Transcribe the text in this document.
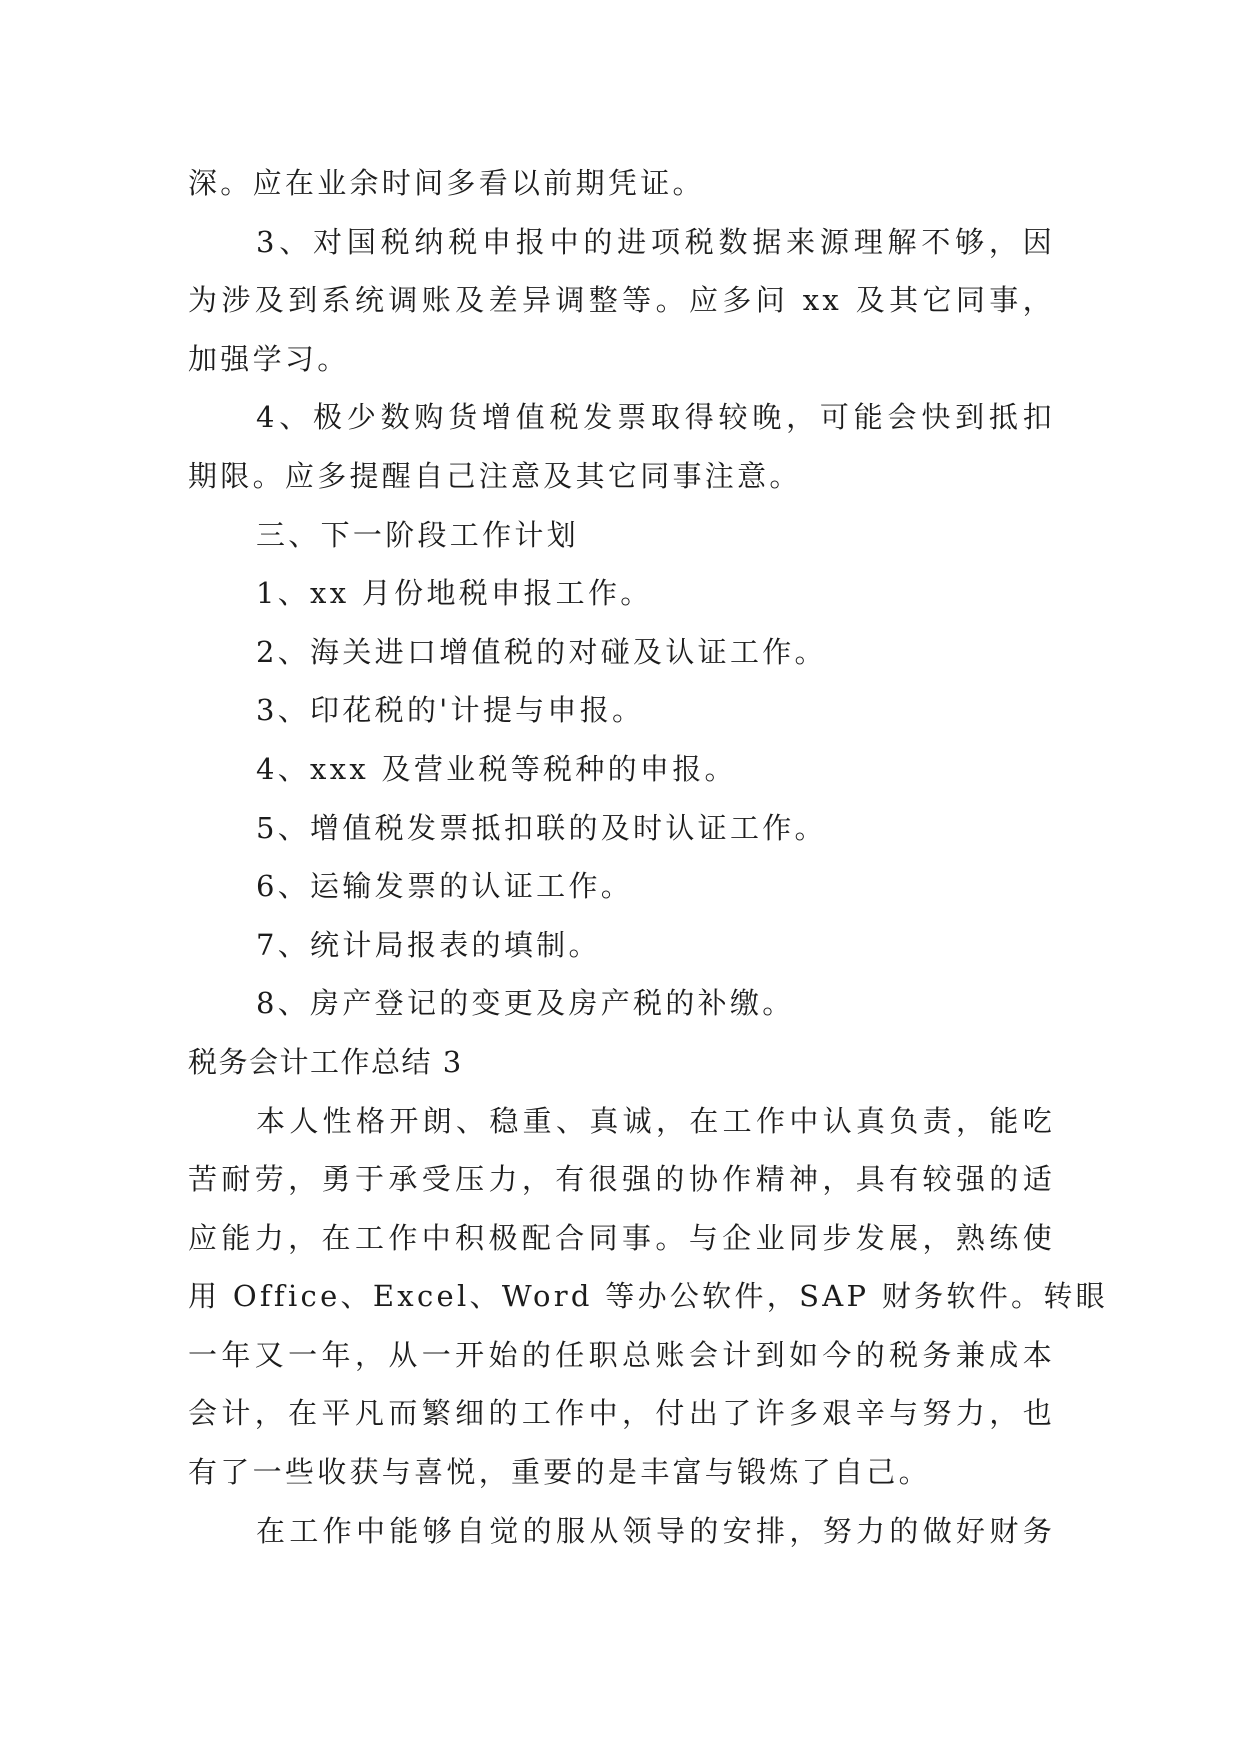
深。应在业余时间多看以前期凭证。
3、对国税纳税申报中的进项税数据来源理解不够，因
为涉及到系统调账及差异调整等。应多问 xx 及其它同事，
加强学习。
4、极少数购货增值税发票取得较晚，可能会快到抵扣
期限。应多提醒自己注意及其它同事注意。
三、下一阶段工作计划
1、xx 月份地税申报工作。
2、海关进口增值税的对碰及认证工作。
3、印花税的'计提与申报。
4、xxx 及营业税等税种的申报。
5、增值税发票抵扣联的及时认证工作。
6、运输发票的认证工作。
7、统计局报表的填制。
8、房产登记的变更及房产税的补缴。
税务会计工作总结 3
本人性格开朗、稳重、真诚，在工作中认真负责，能吃
苦耐劳，勇于承受压力，有很强的协作精神，具有较强的适
应能力，在工作中积极配合同事。与企业同步发展，熟练使
用 Office、Excel、Word 等办公软件，SAP 财务软件。转眼
一年又一年，从一开始的任职总账会计到如今的税务兼成本
会计，在平凡而繁细的工作中，付出了许多艰辛与努力，也
有了一些收获与喜悦，重要的是丰富与锻炼了自己。
在工作中能够自觉的服从领导的安排，努力的做好财务
